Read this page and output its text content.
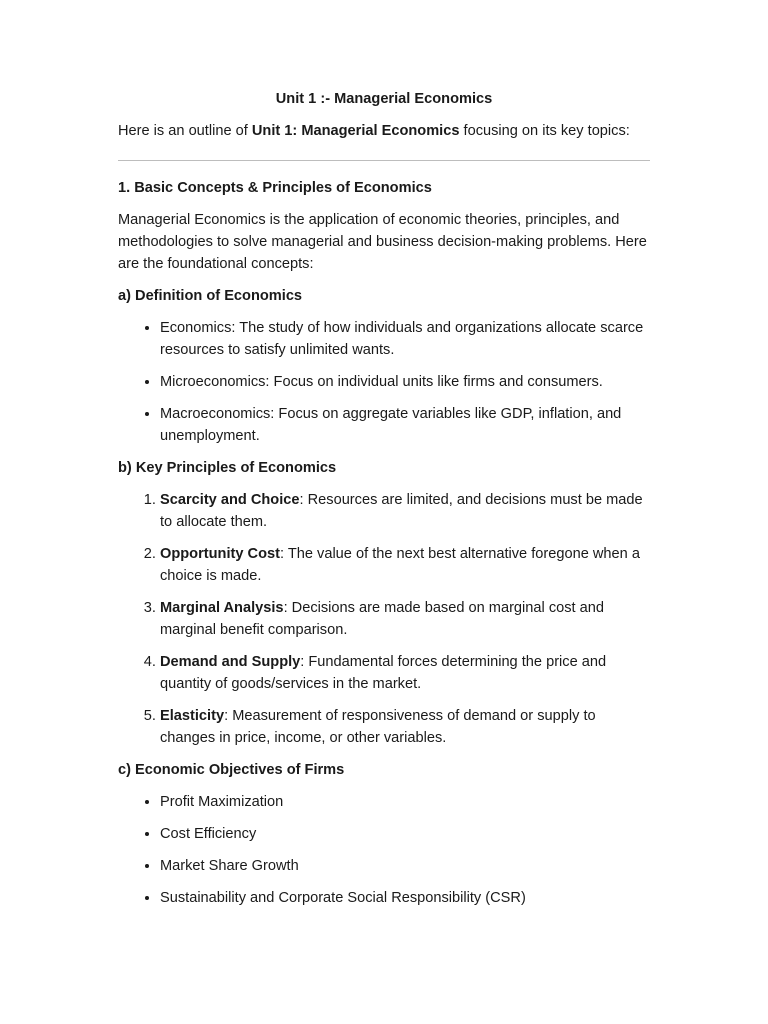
Unit 1 :- Managerial Economics

Here is an outline of Unit 1: Managerial Economics focusing on its key topics:

1. Basic Concepts & Principles of Economics

Managerial Economics is the application of economic theories, principles, and methodologies to solve managerial and business decision-making problems. Here are the foundational concepts:

a) Definition of Economics

• Economics: The study of how individuals and organizations allocate scarce resources to satisfy unlimited wants.
• Microeconomics: Focus on individual units like firms and consumers.
• Macroeconomics: Focus on aggregate variables like GDP, inflation, and unemployment.

b) Key Principles of Economics

1. Scarcity and Choice: Resources are limited, and decisions must be made to allocate them.
2. Opportunity Cost: The value of the next best alternative foregone when a choice is made.
3. Marginal Analysis: Decisions are made based on marginal cost and marginal benefit comparison.
4. Demand and Supply: Fundamental forces determining the price and quantity of goods/services in the market.
5. Elasticity: Measurement of responsiveness of demand or supply to changes in price, income, or other variables.

c) Economic Objectives of Firms

• Profit Maximization
• Cost Efficiency
• Market Share Growth
• Sustainability and Corporate Social Responsibility (CSR)
